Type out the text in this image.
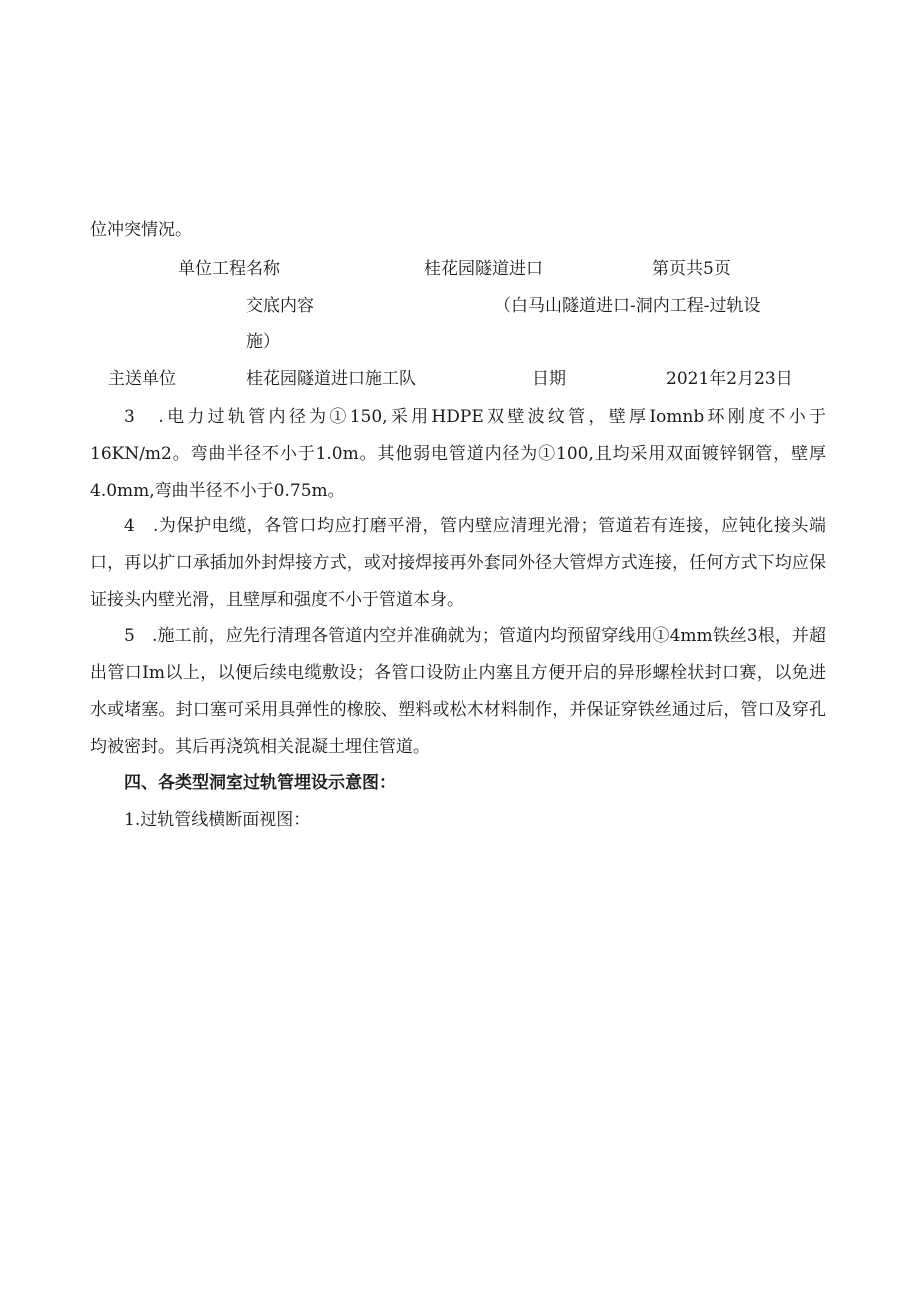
位冲突情况。
单位工程名称	桂花园隧道进口	第页共5页
交底内容	（白马山隧道进口-洞内工程-过轨设
施）
主送单位	桂花园隧道进口施工队	日期	2021年2月23日
3　.电力过轨管内径为①150,采用HDPE双壁波纹管，壁厚Iomnb环刚度不小于16KN∕m2。弯曲半径不小于1.0m。其他弱电管道内径为①100,且均采用双面镀锌钢管，壁厚4.0mm,弯曲半径不小于0.75m。
4　.为保护电缆，各管口均应打磨平滑，管内壁应清理光滑；管道若有连接，应钝化接头端口，再以扩口承插加外封焊接方式，或对接焊接再外套同外径大管焊方式连接，任何方式下均应保证接头内壁光滑，且壁厚和强度不小于管道本身。
5　.施工前，应先行清理各管道内空并准确就为；管道内均预留穿线用①4mm铁丝3根，并超出管口Im以上，以便后续电缆敷设；各管口设防止内塞且方便开启的异形螺栓状封口赛，以免进水或堵塞。封口塞可采用具弹性的橡胶、塑料或松木材料制作，并保证穿铁丝通过后，管口及穿孔均被密封。其后再浇筑相关混凝土埋住管道。
四、各类型洞室过轨管埋设示意图：
1.过轨管线横断面视图：
